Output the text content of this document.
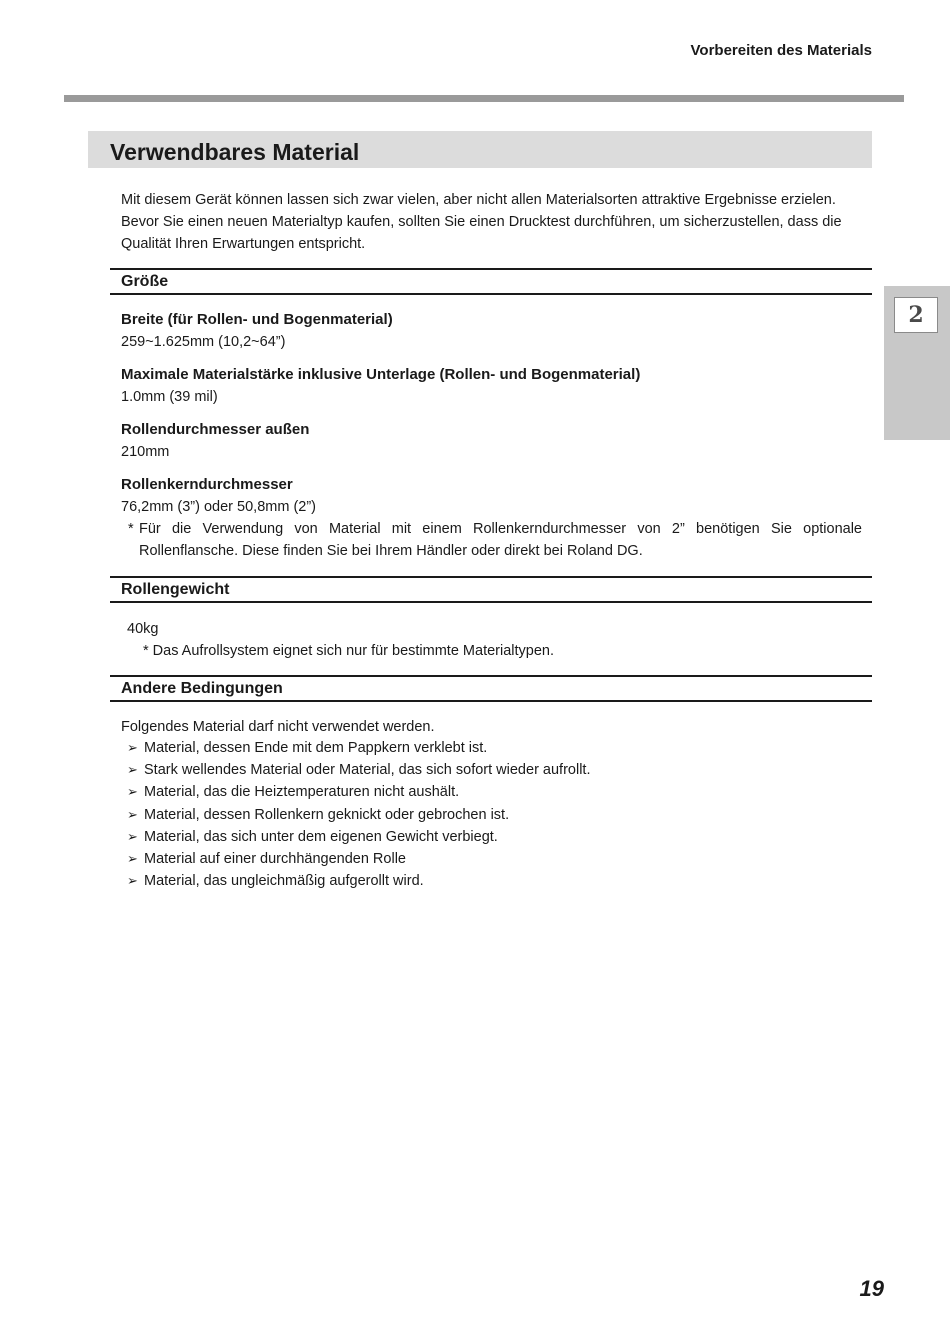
Vorbereiten des Materials
Verwendbares Material

Mit diesem Gerät können lassen sich zwar vielen, aber nicht allen Materialsorten attraktive Ergebnisse erzielen. Bevor Sie einen neuen Materialtyp kaufen, sollten Sie einen Drucktest durchführen, um sicherzustellen, dass die Qualität Ihren Erwartungen entspricht.

Größe

Breite (für Rollen- und Bogenmaterial)

259~1.625mm (10,2~64”)

Maximale Materialstärke inklusive Unterlage (Rollen- und Bogenmaterial)

1.0mm (39 mil)

Rollendurchmesser außen

210mm

Rollenkerndurchmesser

76,2mm (3”) oder 50,8mm (2”)

* Für die Verwendung von Material mit einem Rollenkerndurchmesser von 2” benötigen Sie optionale Rollenflansche. Diese finden Sie bei Ihrem Händler oder direkt bei Roland DG.
Rollengewicht

40kg

* Das Aufrollsystem eignet sich nur für bestimmte Materialtypen.

Andere Bedingungen

Folgendes Material darf nicht verwendet werden.

➢ Material, dessen Ende mit dem Pappkern verklebt ist.
➢ Stark wellendes Material oder Material, das sich sofort wieder aufrollt.
➢ Material, das die Heiztemperaturen nicht aushält.
➢ Material, dessen Rollenkern geknickt oder gebrochen ist.
➢ Material, das sich unter dem eigenen Gewicht verbiegt.
➢ Material auf einer durchhängenden Rolle
➢ Material, das ungleichmäßig aufgerollt wird.
2
19
